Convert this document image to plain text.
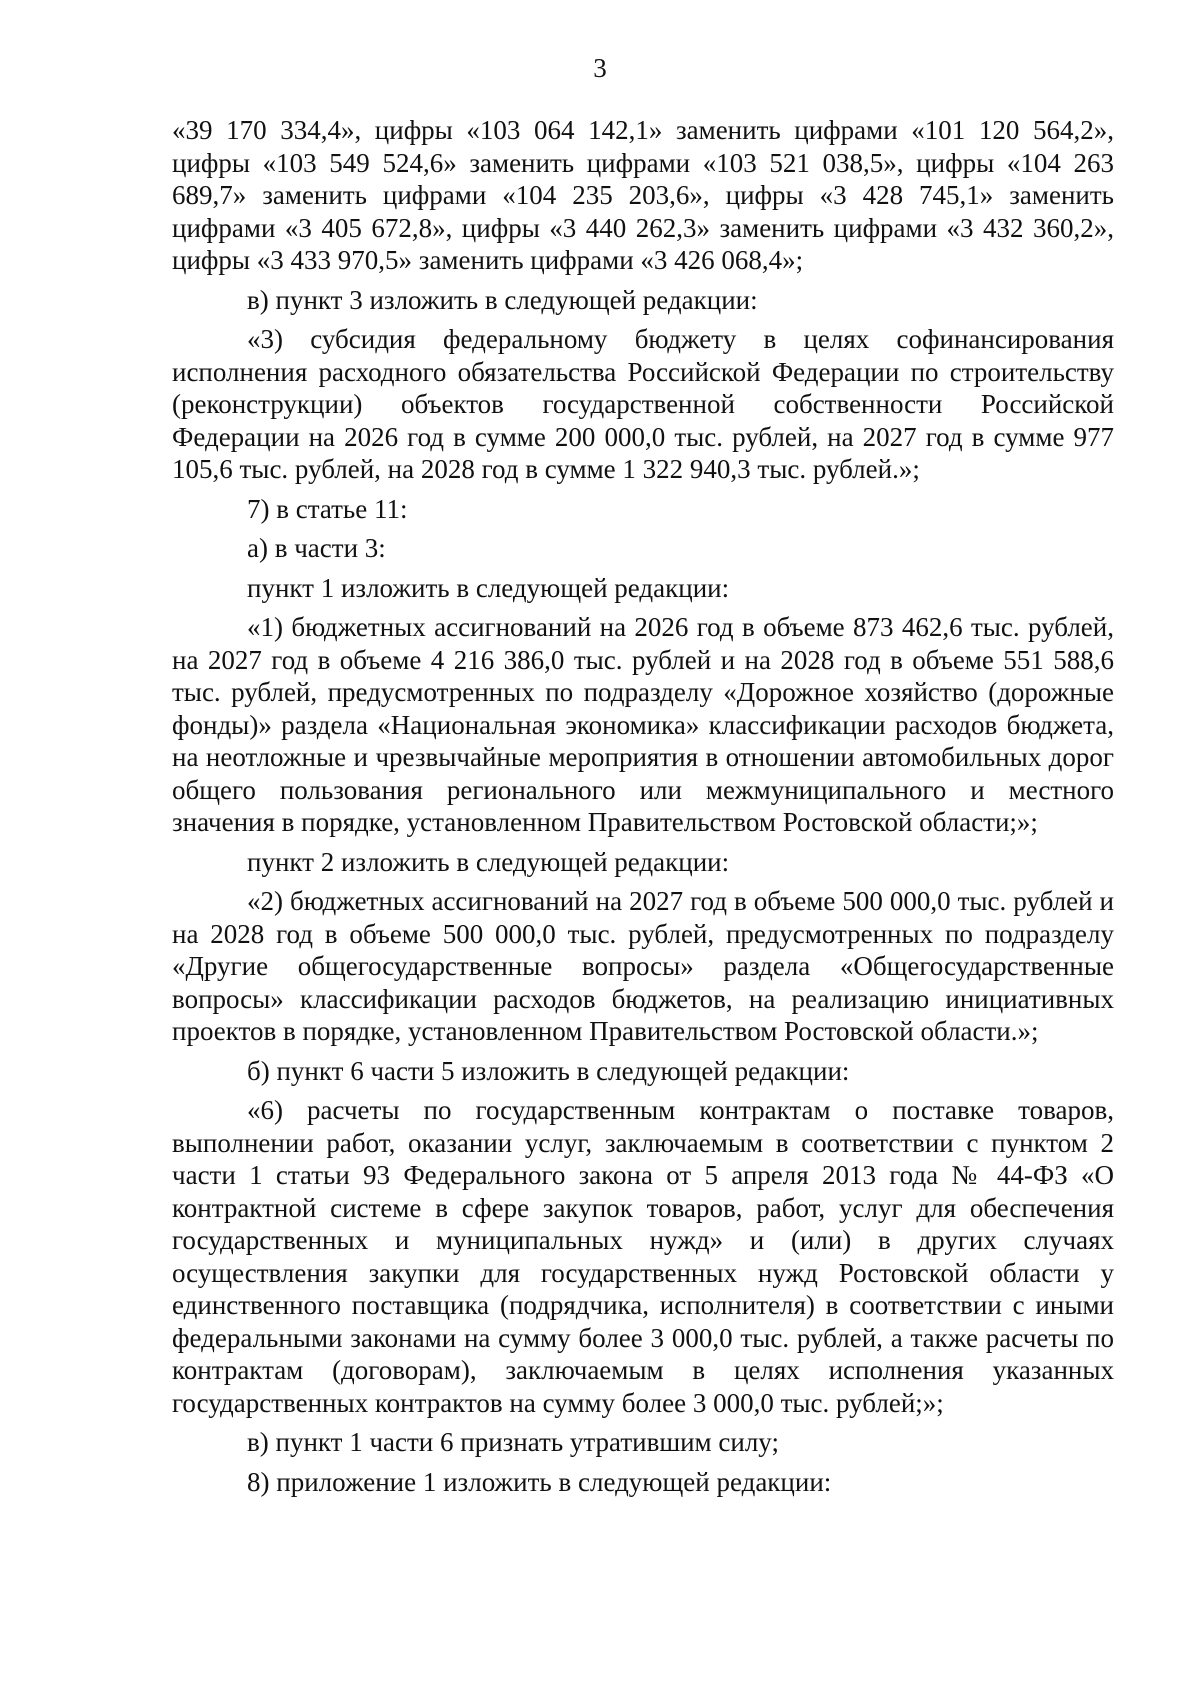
3

«39 170 334,4», цифры «103 064 142,1» заменить цифрами «101 120 564,2», цифры «103 549 524,6» заменить цифрами «103 521 038,5», цифры «104 263 689,7» заменить цифрами «104 235 203,6», цифры «3 428 745,1» заменить цифрами «3 405 672,8», цифры «3 440 262,3» заменить цифрами «3 432 360,2», цифры «3 433 970,5» заменить цифрами «3 426 068,4»;

в) пункт 3 изложить в следующей редакции:

«3) субсидия федеральному бюджету в целях софинансирования исполнения расходного обязательства Российской Федерации по строительству (реконструкции) объектов государственной собственности Российской Федерации на 2026 год в сумме 200 000,0 тыс. рублей, на 2027 год в сумме 977 105,6 тыс. рублей, на 2028 год в сумме 1 322 940,3 тыс. рублей.»;

7) в статье 11:

а) в части 3:

пункт 1 изложить в следующей редакции:

«1) бюджетных ассигнований на 2026 год в объеме 873 462,6 тыс. рублей, на 2027 год в объеме 4 216 386,0 тыс. рублей и на 2028 год в объеме 551 588,6 тыс. рублей, предусмотренных по подразделу «Дорожное хозяйство (дорожные фонды)» раздела «Национальная экономика» классификации расходов бюджета, на неотложные и чрезвычайные мероприятия в отношении автомобильных дорог общего пользования регионального или межмуниципального и местного значения в порядке, установленном Правительством Ростовской области;»;

пункт 2 изложить в следующей редакции:

«2) бюджетных ассигнований на 2027 год в объеме 500 000,0 тыс. рублей и на 2028 год в объеме 500 000,0 тыс. рублей, предусмотренных по подразделу «Другие общегосударственные вопросы» раздела «Общегосударственные вопросы» классификации расходов бюджетов, на реализацию инициативных проектов в порядке, установленном Правительством Ростовской области.»;

б) пункт 6 части 5 изложить в следующей редакции:

«6) расчеты по государственным контрактам о поставке товаров, выполнении работ, оказании услуг, заключаемым в соответствии с пунктом 2 части 1 статьи 93 Федерального закона от 5 апреля 2013 года № 44-ФЗ «О контрактной системе в сфере закупок товаров, работ, услуг для обеспечения государственных и муниципальных нужд» и (или) в других случаях осуществления закупки для государственных нужд Ростовской области у единственного поставщика (подрядчика, исполнителя) в соответствии с иными федеральными законами на сумму более 3 000,0 тыс. рублей, а также расчеты по контрактам (договорам), заключаемым в целях исполнения указанных государственных контрактов на сумму более 3 000,0 тыс. рублей;»;

в) пункт 1 части 6 признать утратившим силу;

8) приложение 1 изложить в следующей редакции:
